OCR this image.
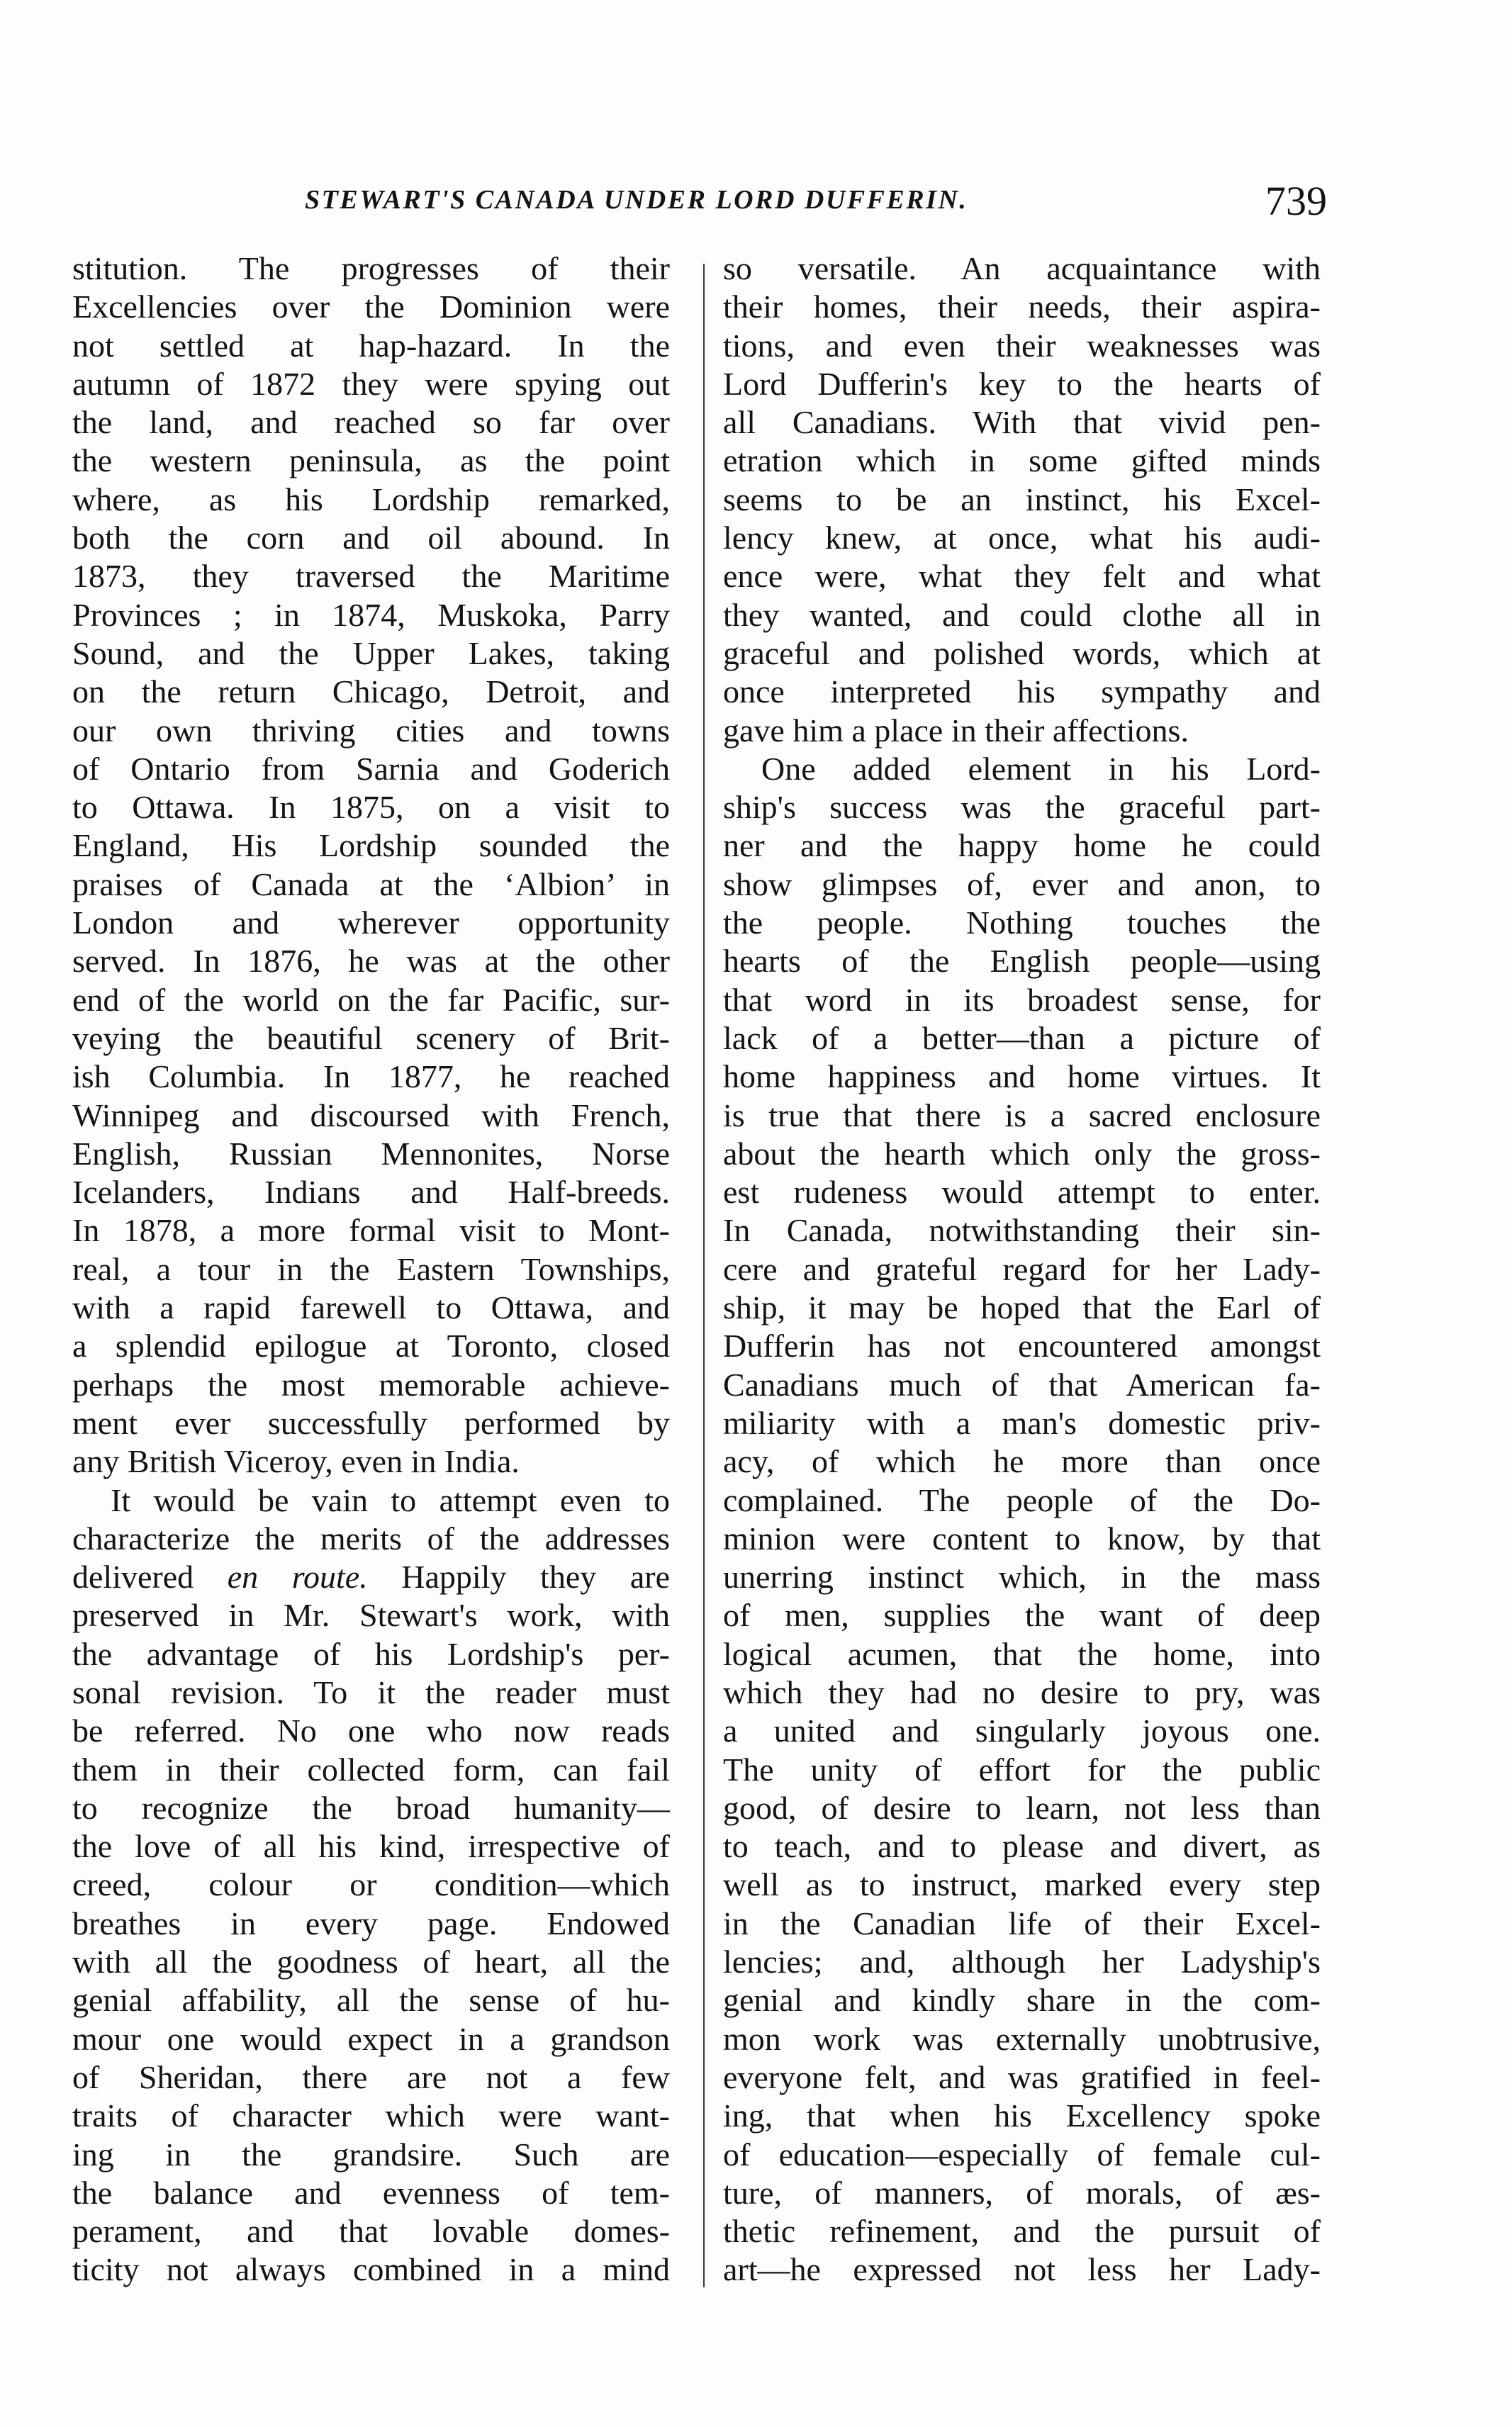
STEWART'S CANADA UNDER LORD DUFFERIN.	739
stitution. The progresses of their
Excellencies over the Dominion were
not settled at hap-hazard. In the
autumn of 1872 they were spying out
the land, and reached so far over
the western peninsula, as the point
where, as his Lordship remarked,
both the corn and oil abound. In
1873, they traversed the Maritime
Provinces ; in 1874, Muskoka, Parry
Sound, and the Upper Lakes, taking
on the return Chicago, Detroit, and
our own thriving cities and towns
of Ontario from Sarnia and Goderich
to Ottawa. In 1875, on a visit to
England, His Lordship sounded the
praises of Canada at the ‘Albion’ in
London and wherever opportunity
served. In 1876, he was at the other
end of the world on the far Pacific, sur-
veying the beautiful scenery of Brit-
ish Columbia. In 1877, he reached
Winnipeg and discoursed with French,
English, Russian Mennonites, Norse
Icelanders, Indians and Half-breeds.
In 1878, a more formal visit to Mont-
real, a tour in the Eastern Townships,
with a rapid farewell to Ottawa, and
a splendid epilogue at Toronto, closed
perhaps the most memorable achieve-
ment ever successfully performed by
any British Viceroy, even in India.
It would be vain to attempt even to
characterize the merits of the addresses
delivered en route. Happily they are
preserved in Mr. Stewart's work, with
the advantage of his Lordship's per-
sonal revision. To it the reader must
be referred. No one who now reads
them in their collected form, can fail
to recognize the broad humanity—
the love of all his kind, irrespective of
creed, colour or condition—which
breathes in every page. Endowed
with all the goodness of heart, all the
genial affability, all the sense of hu-
mour one would expect in a grandson
of Sheridan, there are not a few
traits of character which were want-
ing in the grandsire. Such are
the balance and evenness of tem-
perament, and that lovable domes-
ticity not always combined in a mind
so versatile. An acquaintance with
their homes, their needs, their aspira-
tions, and even their weaknesses was
Lord Dufferin's key to the hearts of
all Canadians. With that vivid pen-
etration which in some gifted minds
seems to be an instinct, his Excel-
lency knew, at once, what his audi-
ence were, what they felt and what
they wanted, and could clothe all in
graceful and polished words, which at
once interpreted his sympathy and
gave him a place in their affections.
One added element in his Lord-
ship's success was the graceful part-
ner and the happy home he could
show glimpses of, ever and anon, to
the people. Nothing touches the
hearts of the English people—using
that word in its broadest sense, for
lack of a better—than a picture of
home happiness and home virtues. It
is true that there is a sacred enclosure
about the hearth which only the gross-
est rudeness would attempt to enter.
In Canada, notwithstanding their sin-
cere and grateful regard for her Lady-
ship, it may be hoped that the Earl of
Dufferin has not encountered amongst
Canadians much of that American fa-
miliarity with a man's domestic priv-
acy, of which he more than once
complained. The people of the Do-
minion were content to know, by that
unerring instinct which, in the mass
of men, supplies the want of deep
logical acumen, that the home, into
which they had no desire to pry, was
a united and singularly joyous one.
The unity of effort for the public
good, of desire to learn, not less than
to teach, and to please and divert, as
well as to instruct, marked every step
in the Canadian life of their Excel-
lencies; and, although her Ladyship's
genial and kindly share in the com-
mon work was externally unobtrusive,
everyone felt, and was gratified in feel-
ing, that when his Excellency spoke
of education—especially of female cul-
ture, of manners, of morals, of æs-
thetic refinement, and the pursuit of
art—he expressed not less her Lady-
